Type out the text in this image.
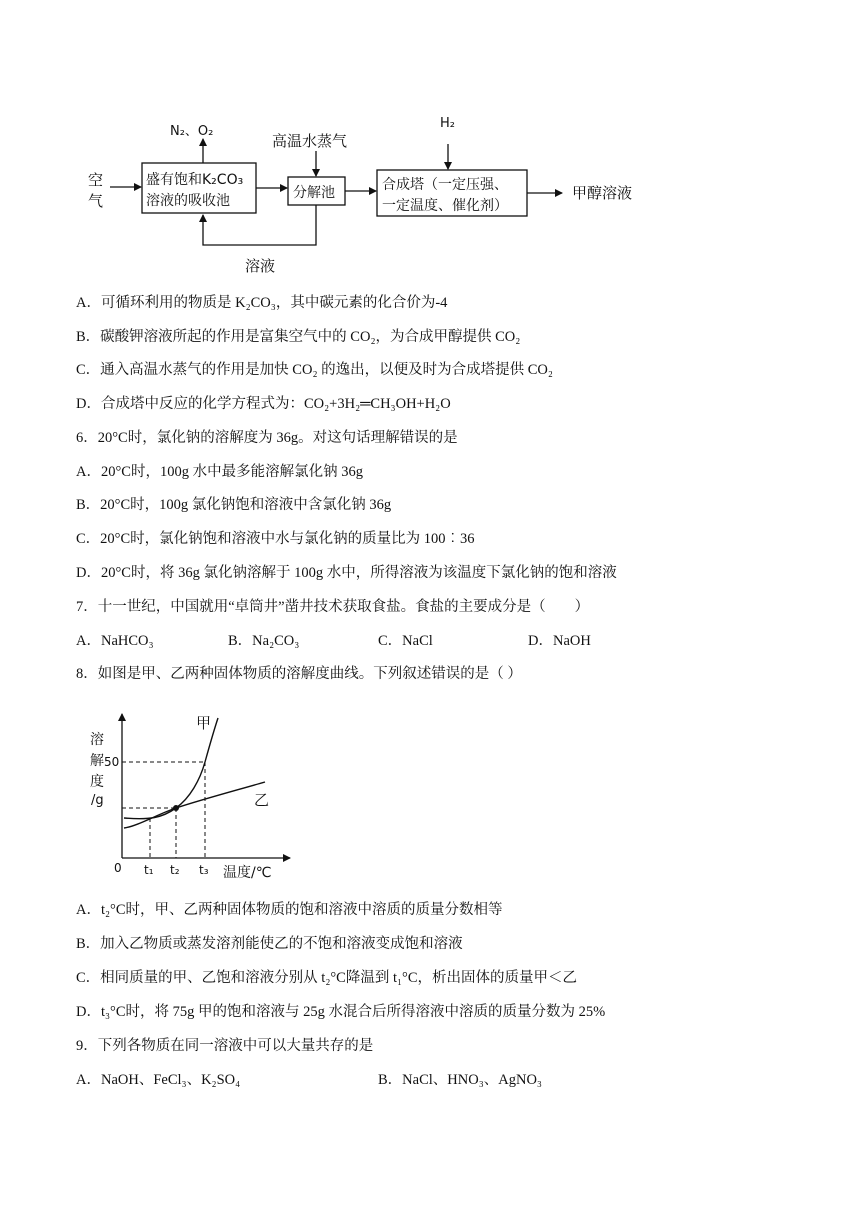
空
气
盛有饱和K₂CO₃
溶液的吸收池
N₂、O₂
分解池
高温水蒸气
合成塔（一定压强、
一定温度、催化剂）
H₂
甲醇溶液
溶液
A．可循环利用的物质是 K₂CO₃，其中碳元素的化合价为-4
B．碳酸钾溶液所起的作用是富集空气中的 CO₂，为合成甲醇提供 CO₂
C．通入高温水蒸气的作用是加快 CO₂ 的逸出，以便及时为合成塔提供 CO₂
D．合成塔中反应的化学方程式为：CO₂+3H₂═CH₃OH+H₂O
6．20°C时，氯化钠的溶解度为 36g。对这句话理解错误的是
A．20°C时，100g 水中最多能溶解氯化钠 36g
B．20°C时，100g 氯化钠饱和溶液中含氯化钠 36g
C．20°C时，氯化钠饱和溶液中水与氯化钠的质量比为 100︰36
D．20°C时，将 36g 氯化钠溶解于 100g 水中，所得溶液为该温度下氯化钠的饱和溶液
7．十一世纪，中国就用“卓筒井”凿井技术获取食盐。食盐的主要成分是（　　）
A．NaHCO₃	B．Na₂CO₃	C．NaCl	D．NaOH
8．如图是甲、乙两种固体物质的溶解度曲线。下列叙述错误的是（ ）
溶
解
度
/g
50
甲
乙
0 t₁ t₂ t₃ 温度/℃
A．t₂°C时，甲、乙两种固体物质的饱和溶液中溶质的质量分数相等
B．加入乙物质或蒸发溶剂能使乙的不饱和溶液变成饱和溶液
C．相同质量的甲、乙饱和溶液分别从 t₂°C降温到 t₁°C，析出固体的质量甲＜乙
D．t₃°C时，将 75g 甲的饱和溶液与 25g 水混合后所得溶液中溶质的质量分数为 25%
9．下列各物质在同一溶液中可以大量共存的是
A．NaOH、FeCl₃、K₂SO₄	B．NaCl、HNO₃、AgNO₃
